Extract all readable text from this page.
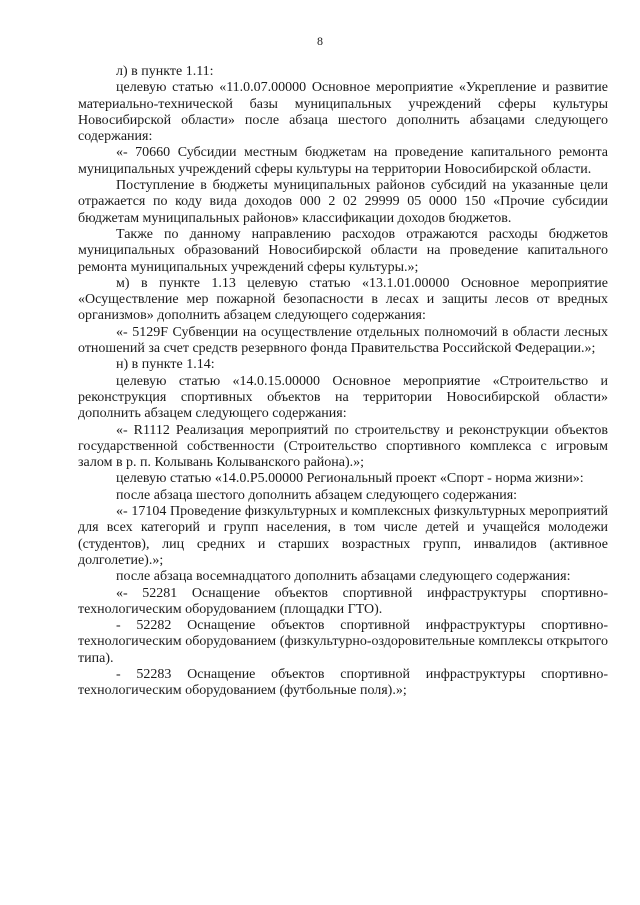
8

л) в пункте 1.11:

целевую статью «11.0.07.00000 Основное мероприятие «Укрепление и развитие материально-технической базы муниципальных учреждений сферы культуры Новосибирской области» после абзаца шестого дополнить абзацами следующего содержания:

«- 70660 Субсидии местным бюджетам на проведение капитального ремонта муниципальных учреждений сферы культуры на территории Новосибирской области.

Поступление в бюджеты муниципальных районов субсидий на указанные цели отражается по коду вида доходов 000 2 02 29999 05 0000 150 «Прочие субсидии бюджетам муниципальных районов» классификации доходов бюджетов.

Также по данному направлению расходов отражаются расходы бюджетов муниципальных образований Новосибирской области на проведение капитального ремонта муниципальных учреждений сферы культуры.»;

м) в пункте 1.13 целевую статью «13.1.01.00000 Основное мероприятие «Осуществление мер пожарной безопасности в лесах и защиты лесов от вредных организмов» дополнить абзацем следующего содержания:

«- 5129F Субвенции на осуществление отдельных полномочий в области лесных отношений за счет средств резервного фонда Правительства Российской Федерации.»;

н) в пункте 1.14:

целевую статью «14.0.15.00000 Основное мероприятие «Строительство и реконструкция спортивных объектов на территории Новосибирской области» дополнить абзацем следующего содержания:

«- R1112 Реализация мероприятий по строительству и реконструкции объектов государственной собственности (Строительство спортивного комплекса с игровым залом в р. п. Колывань Колыванского района).»;

целевую статью «14.0.P5.00000 Региональный проект «Спорт - норма жизни»:

после абзаца шестого дополнить абзацем следующего содержания:

«- 17104 Проведение физкультурных и комплексных физкультурных мероприятий для всех категорий и групп населения, в том числе детей и учащейся молодежи (студентов), лиц средних и старших возрастных групп, инвалидов (активное долголетие).»;

после абзаца восемнадцатого дополнить абзацами следующего содержания:

«- 52281 Оснащение объектов спортивной инфраструктуры спортивно-технологическим оборудованием (площадки ГТО).

- 52282 Оснащение объектов спортивной инфраструктуры спортивно-технологическим оборудованием (физкультурно-оздоровительные комплексы открытого типа).

- 52283 Оснащение объектов спортивной инфраструктуры спортивно-технологическим оборудованием (футбольные поля).»;
